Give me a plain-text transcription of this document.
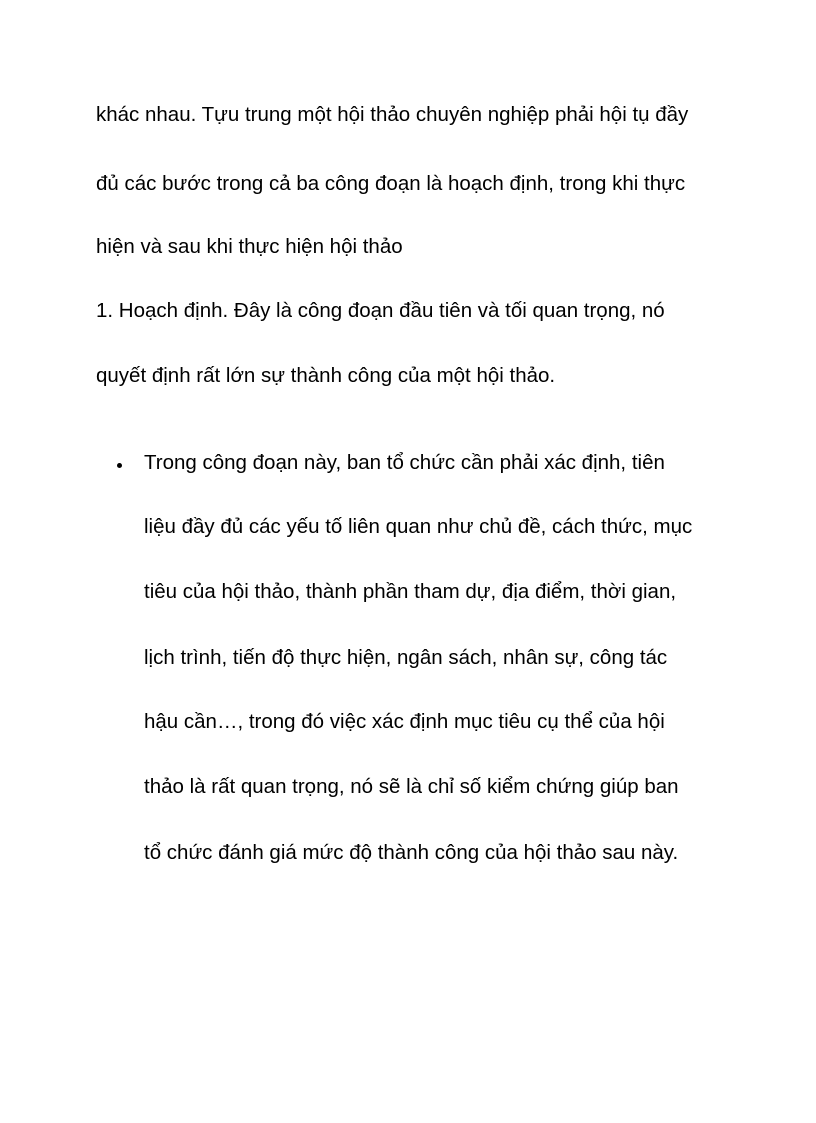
khác nhau. Tựu trung một hội thảo chuyên nghiệp phải hội tụ đầy
đủ các bước trong cả ba công đoạn là hoạch định, trong khi thực
hiện và sau khi thực hiện hội thảo
1. Hoạch định. Đây là công đoạn đầu tiên và tối quan trọng, nó
quyết định rất lớn sự thành công của một hội thảo.
Trong công đoạn này, ban tổ chức cần phải xác định, tiên
liệu đầy đủ các yếu tố liên quan như chủ đề, cách thức, mục
tiêu của hội thảo, thành phần tham dự, địa điểm, thời gian,
lịch trình, tiến độ thực hiện, ngân sách, nhân sự, công tác
hậu cần…, trong đó việc xác định mục tiêu cụ thể của hội
thảo là rất quan trọng, nó sẽ là chỉ số kiểm chứng giúp ban
tổ chức đánh giá mức độ thành công của hội thảo sau này.
